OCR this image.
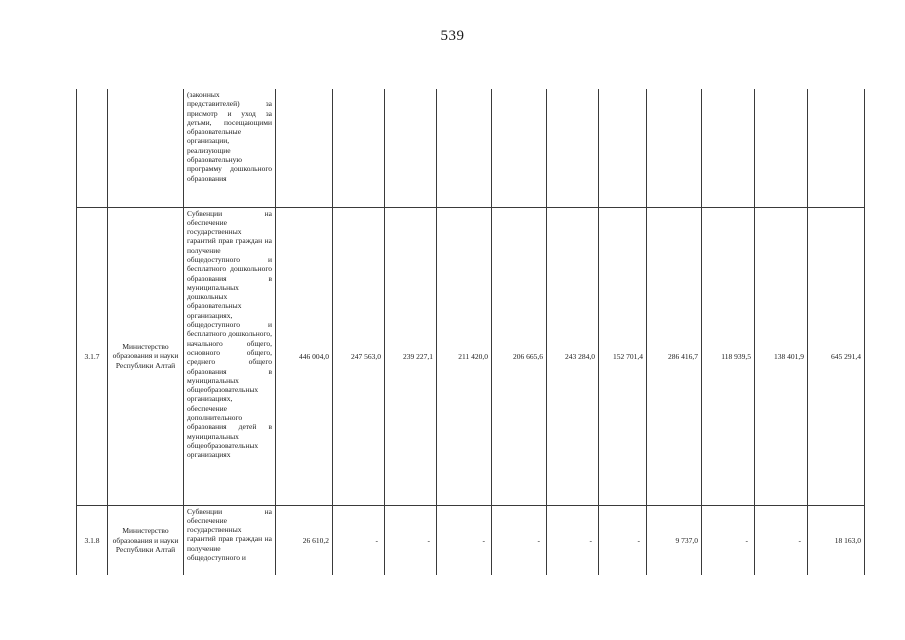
539
		(законных представителей) за присмотр и уход за детьми, посещающими образовательные организации, реализующие образовательную программу дошкольного образования											
3.1.7	Министерство образования и науки Республики Алтай	Субвенции на обеспечение государственных гарантий прав граждан на получение общедоступного и бесплатного дошкольного образования в муниципальных дошкольных образовательных организациях, общедоступного и бесплатного дошкольного, начального общего, основного общего, среднего общего образования в муниципальных общеобразовательных организациях, обеспечение дополнительного образования детей в муниципальных общеобразовательных организациях	446 004,0	247 563,0	239 227,1	211 420,0	206 665,6	243 284,0	152 701,4	286 416,7	118 939,5	138 401,9	645 291,4
3.1.8	Министерство образования и науки Республики Алтай	Субвенции на обеспечение государственных гарантий прав граждан на получение общедоступного и	26 610,2	-	-	-	-	-	-	9 737,0	-	-	18 163,0
